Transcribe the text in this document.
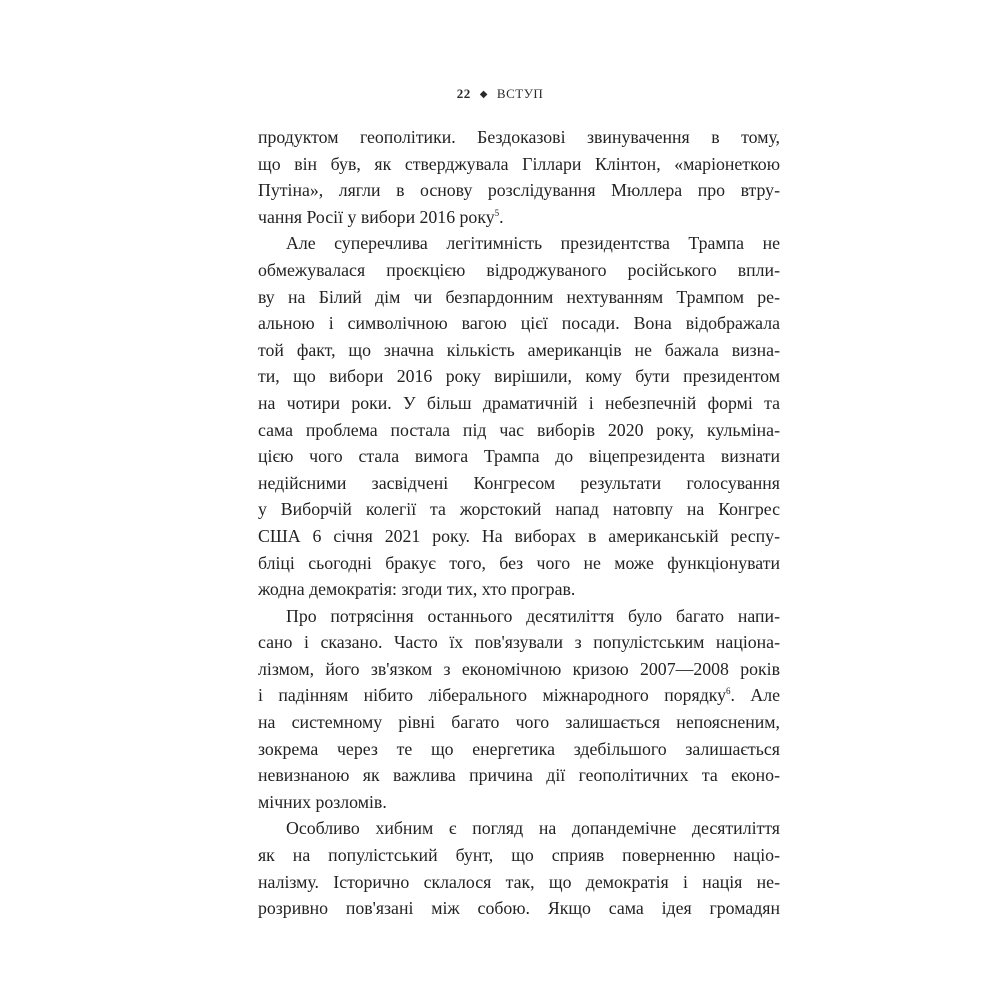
22 ◆ ВСТУП
продуктом геополітики. Бездоказові звинувачення в тому,
що він був, як стверджувала Гіллари Клінтон, «маріонеткою
Путіна», лягли в основу розслідування Мюллера про втру-
чання Росії у вибори 2016 року$^5$.
Але суперечлива легітимність президентства Трампа не
обмежувалася проєкцією відроджуваного російського впли-
ву на Білий дім чи безпардонним нехтуванням Трампом ре-
альною і символічною вагою цієї посади. Вона відображала
той факт, що значна кількість американців не бажала визна-
ти, що вибори 2016 року вирішили, кому бути президентом
на чотири роки. У більш драматичній і небезпечній формі та
сама проблема постала під час виборів 2020 року, кульміна-
цією чого стала вимога Трампа до віцепрезидента визнати
недійсними засвідчені Конгресом результати голосування
у Виборчій колегії та жорстокий напад натовпу на Конгрес
США 6 січня 2021 року. На виборах в американській респу-
бліці сьогодні бракує того, без чого не може функціонувати
жодна демократія: згоди тих, хто програв.
Про потрясіння останнього десятиліття було багато напи-
сано і сказано. Часто їх пов'язували з популістським націона-
лізмом, його зв'язком з економічною кризою 2007—2008 років
і падінням нібито ліберального міжнародного порядку$^6$. Але
на системному рівні багато чого залишається непоясненим,
зокрема через те що енергетика здебільшого залишається
невизнаною як важлива причина дії геополітичних та еконо-
мічних розломів.
Особливо хибним є погляд на допандемічне десятиліття
як на популістський бунт, що сприяв поверненню націо-
налізму. Історично склалося так, що демократія і нація не-
розривно пов'язані між собою. Якщо сама ідея громадян
